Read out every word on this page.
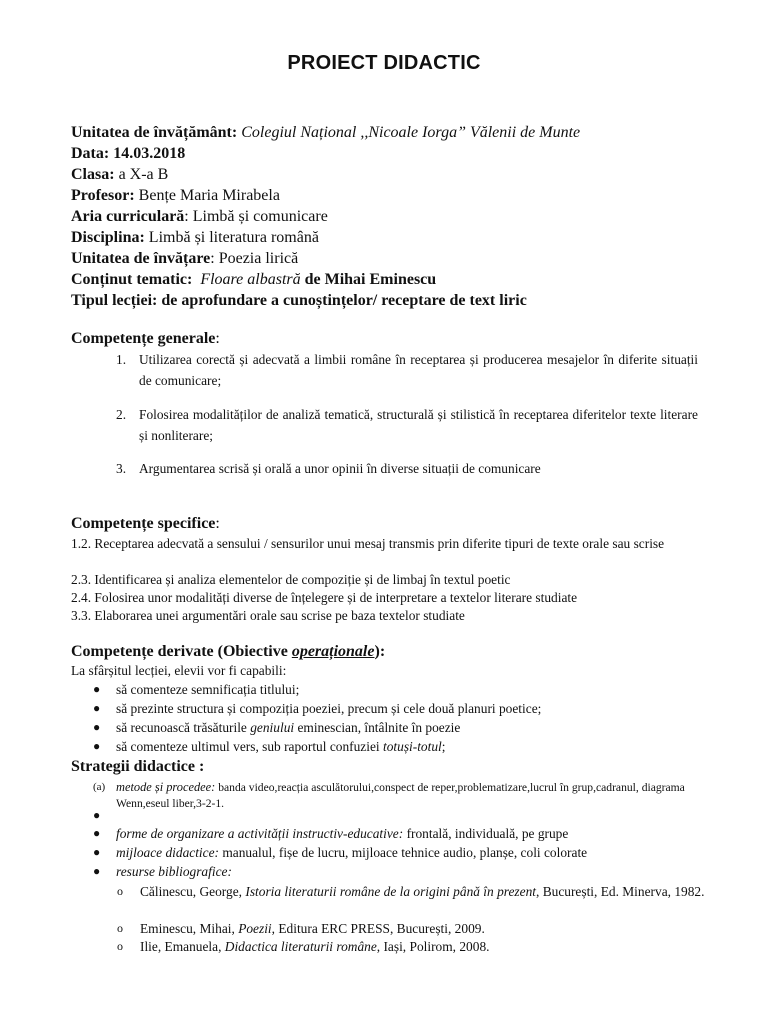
PROIECT DIDACTIC
Unitatea de învățământ: Colegiul Național ,,Nicoale Iorga” Vălenii de Munte
Data: 14.03.2018
Clasa: a X-a B
Profesor: Bențe Maria Mirabela
Aria curriculară: Limbă și comunicare
Disciplina: Limbă și literatura română
Unitatea de învățare: Poezia lirică
Conținut tematic: Floare albastră de Mihai Eminescu
Tipul lecției: de aprofundare a cunoștințelor/ receptare de text liric
Competențe generale:
1. Utilizarea corectă și adecvată a limbii române în receptarea și producerea mesajelor în diferite situații de comunicare;
2. Folosirea modalităților de analiză tematică, structurală și stilistică în receptarea diferitelor texte literare și nonliterare;
3. Argumentarea scrisă și orală a unor opinii în diverse situații de comunicare
Competențe specifice:
1.2. Receptarea adecvată a sensului / sensurilor unui mesaj transmis prin diferite tipuri de texte orale sau scrise
2.3. Identificarea și analiza elementelor de compoziție și de limbaj în textul poetic
2.4. Folosirea unor modalități diverse de înțelegere și de interpretare a textelor literare studiate
3.3. Elaborarea unei argumentări orale sau scrise pe baza textelor studiate
Competențe derivate (Obiective operaționale):
La sfârșitul lecției, elevii vor fi capabili:
● să comenteze semnificația titlului;
● să prezinte structura și compoziția poeziei, precum și cele două planuri poetice;
● să recunoască trăsăturile geniului eminescian, întâlnite în poezie
● să comenteze ultimul vers, sub raportul confuziei totuși-totul;
Strategii didactice :
(a) metode și procedee: banda video,reacția asculătorului,conspect de reper,problematizare,lucrul în grup,cadranul, diagrama Wenn,eseul liber,3-2-1.
●
● forme de organizare a activității instructiv-educative: frontală, individuală, pe grupe
● mijloace didactice: manualul, fișe de lucru, mijloace tehnice audio, planșe, coli colorate
● resurse bibliografice:
o Călinescu, George, Istoria literaturii române de la origini până în prezent, București, Ed. Minerva, 1982.
o Eminescu, Mihai, Poezii, Editura ERC PRESS, București, 2009.
o Ilie, Emanuela, Didactica literaturii române, Iași, Polirom, 2008.
